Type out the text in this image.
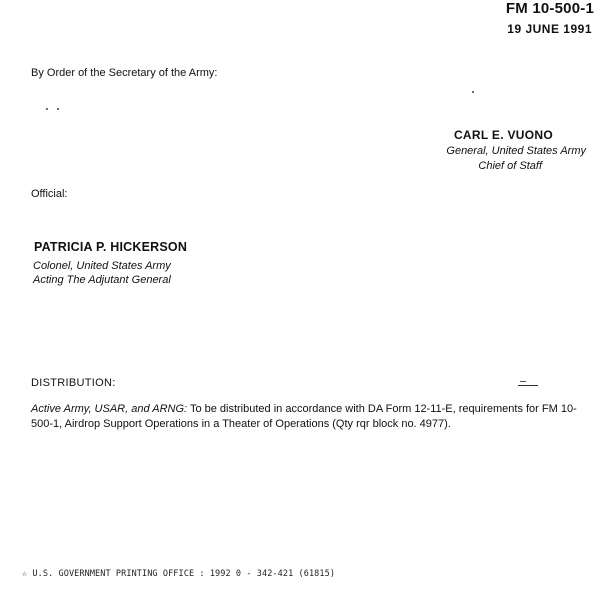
FM 10-500-1
19 JUNE 1991
By Order of the Secretary of the Army:
CARL E. VUONO
General, United States Army
Chief of Staff
Official:
PATRICIA P. HICKERSON
Colonel, United States Army
Acting The Adjutant General
DISTRIBUTION:
Active Army, USAR, and ARNG: To be distributed in accordance with DA Form 12-11-E, requirements for FM 10-500-1, Airdrop Support Operations in a Theater of Operations (Qty rqr block no. 4977).
☆ U.S. GOVERNMENT PRINTING OFFICE : 1992 0 - 342-421 (61815)
